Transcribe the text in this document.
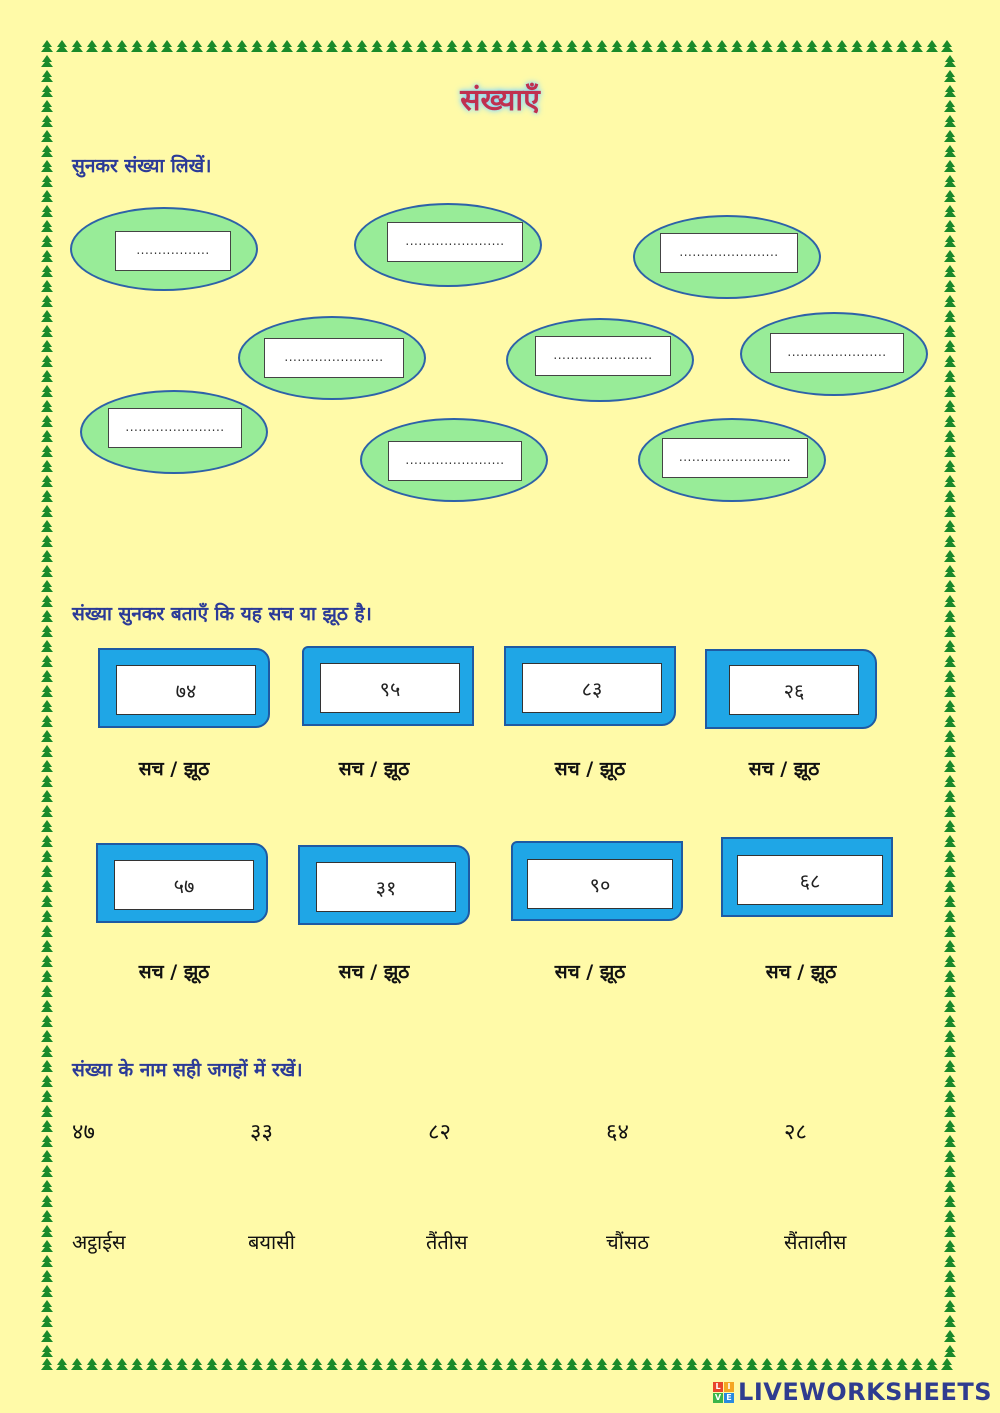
संख्याएँ
सुनकर संख्या लिखें।
.................
.......................
.......................
.......................	.......................	.......................
.......................
.......................	..........................
संख्या सुनकर बताएँ कि यह सच या झूठ है।
७४	९५	८३	२६
सच / झूठ	सच / झूठ	सच / झूठ	सच / झूठ
५७	३१	९०	६८
सच / झूठ	सच / झूठ	सच / झूठ	सच / झूठ
संख्या के नाम सही जगहों में रखें।
४७	३३	८२	६४	२८
अट्ठाईस	बयासी	तैंतीस	चौंसठ	सैंतालीस
L I
V E LIVEWORKSHEETS
